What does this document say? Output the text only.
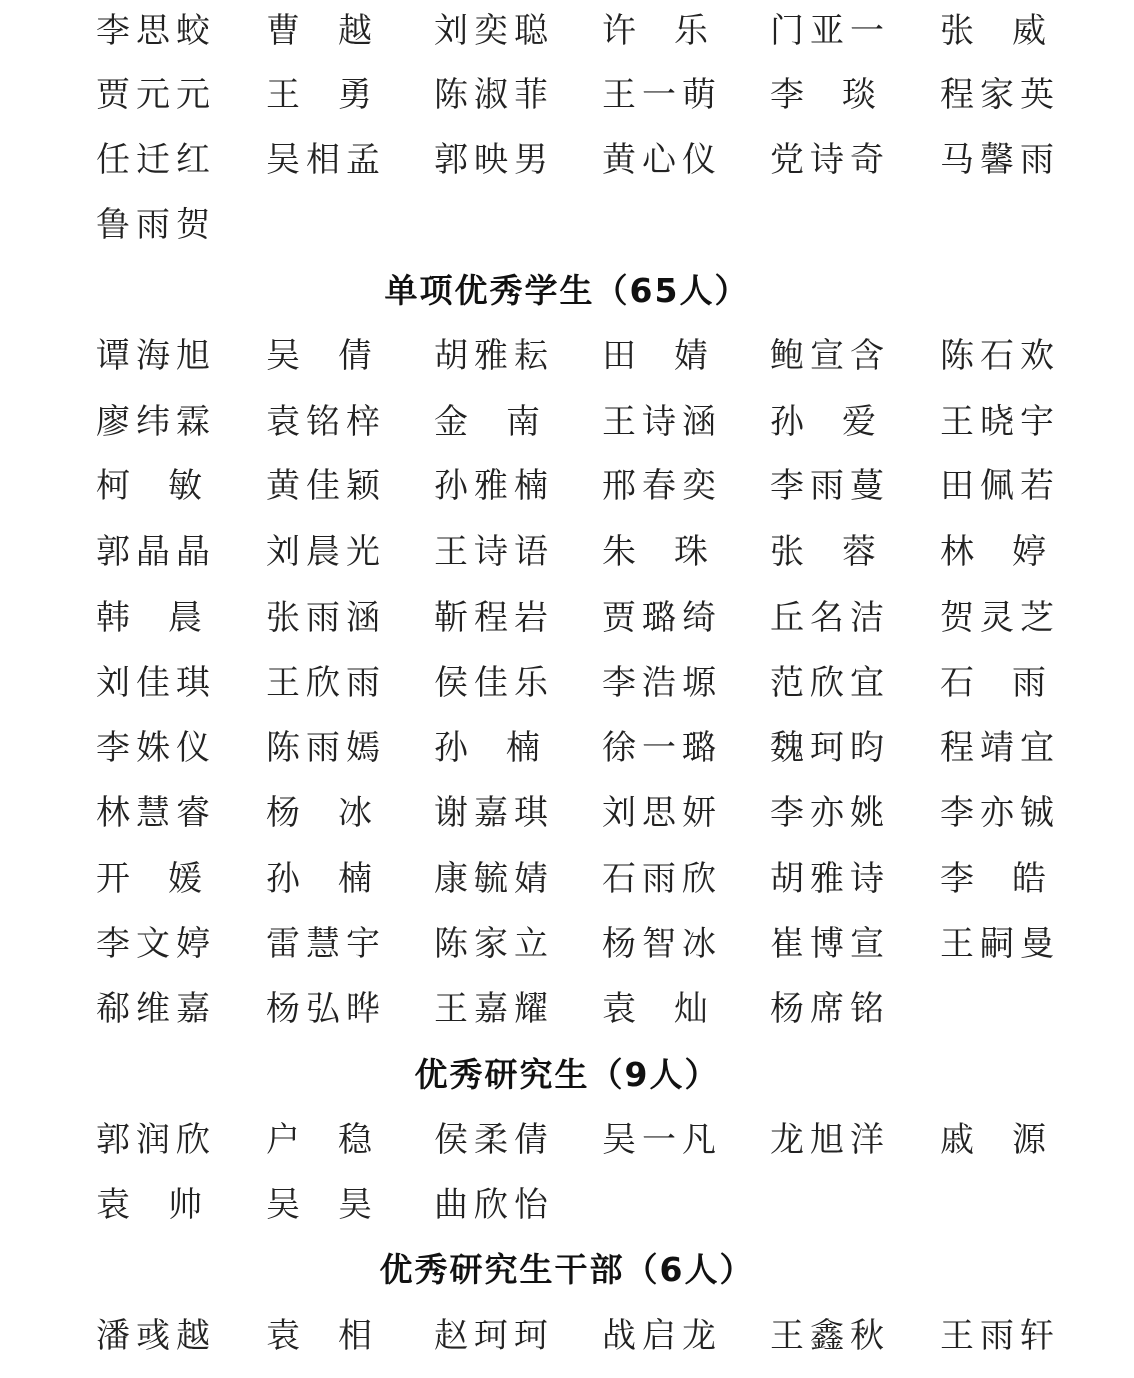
李思蛟 曹越 刘奕聪 许乐 门亚一 张威
贾元元 王勇 陈淑菲 王一萌 李琰 程家英
任迁红 吴相孟 郭映男 黄心仪 党诗奇 马馨雨
鲁雨贺
单项优秀学生（65人）
谭海旭 吴倩 胡雅耘 田婧 鲍宣含 陈石欢
廖纬霖 袁铭梓 金南 王诗涵 孙爱 王晓宇
柯敏 黄佳颖 孙雅楠 邢春奕 李雨蔓 田佩若
郭晶晶 刘晨光 王诗语 朱珠 张蓉 林婷
韩晨 张雨涵 靳程岩 贾璐绮 丘名洁 贺灵芝
刘佳琪 王欣雨 侯佳乐 李浩塬 范欣宜 石雨
李姝仪 陈雨嫣 孙楠 徐一璐 魏珂昀 程靖宜
林慧睿 杨冰 谢嘉琪 刘思妍 李亦姚 李亦铖
开媛 孙楠 康毓婧 石雨欣 胡雅诗 李皓
李文婷 雷慧宇 陈家立 杨智冰 崔博宣 王嗣曼
郗维嘉 杨弘晔 王嘉耀 袁灿 杨席铭
优秀研究生（9人）
郭润欣 户稳 侯柔倩 吴一凡 龙旭洋 戚源
袁帅 吴昊 曲欣怡
优秀研究生干部（6人）
潘彧越 袁相 赵珂珂 战启龙 王鑫秋 王雨轩
